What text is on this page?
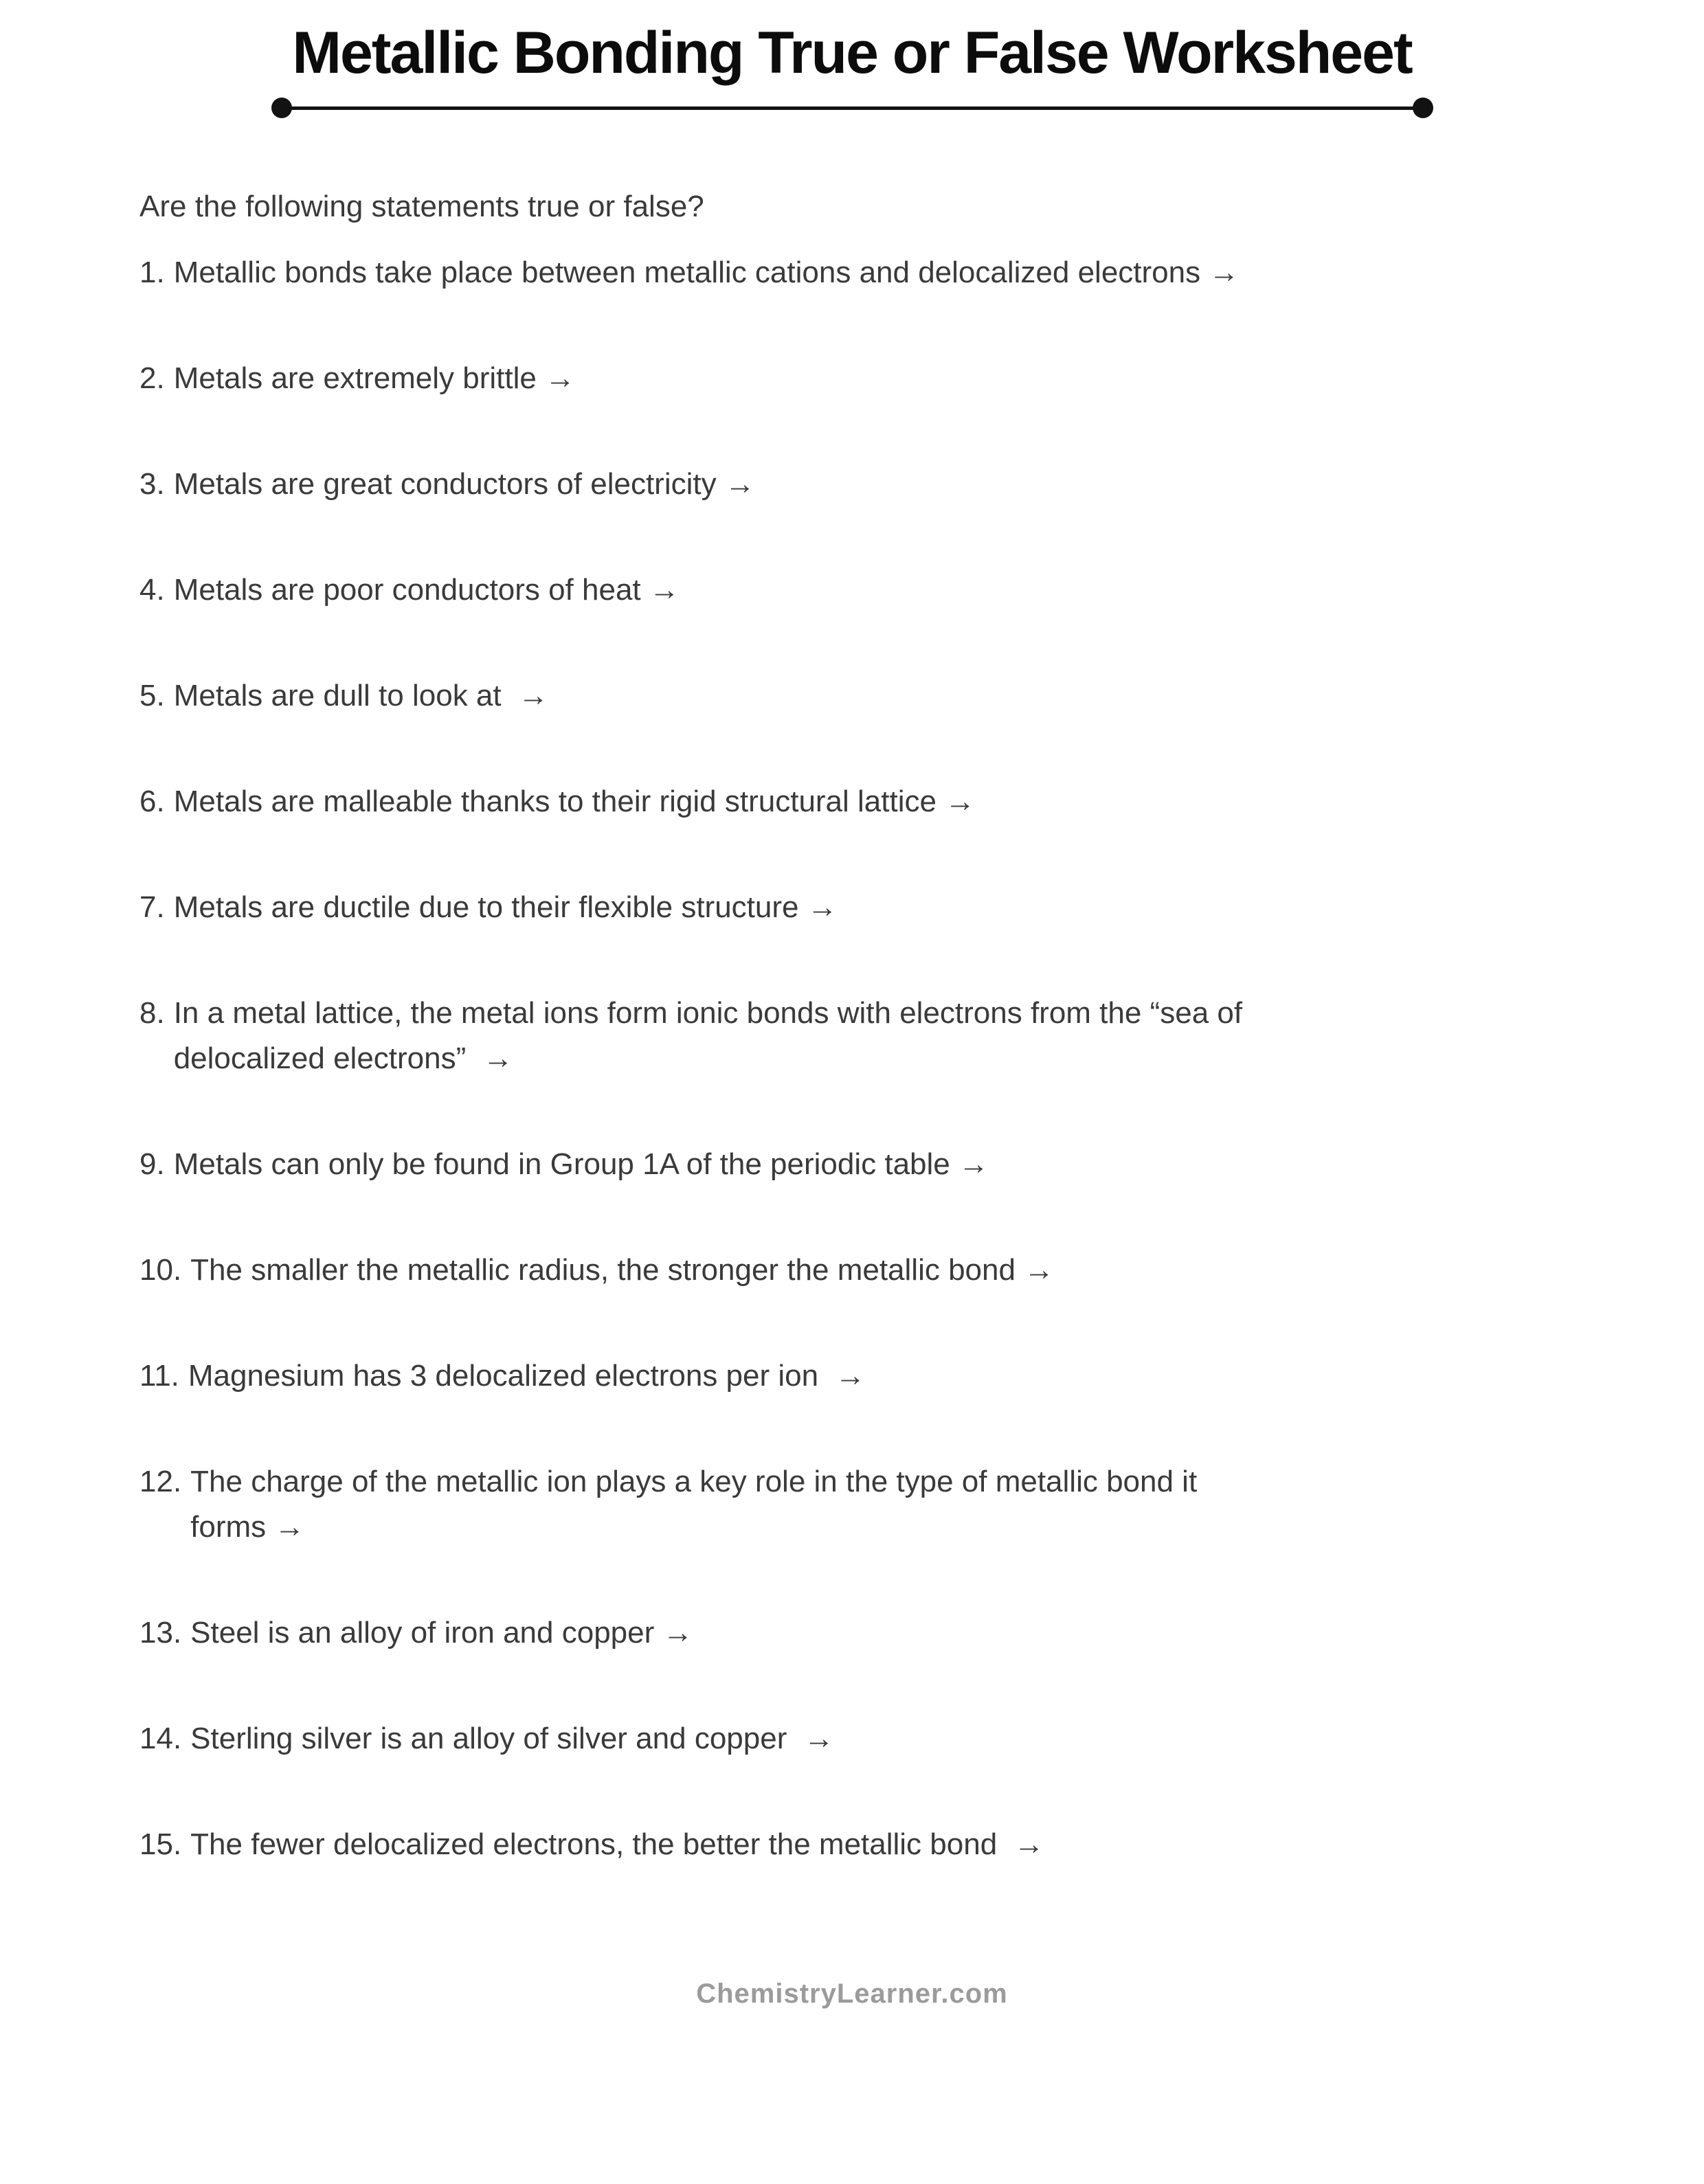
Metallic Bonding True or False Worksheet

Are the following statements true or false?

1. Metallic bonds take place between metallic cations and delocalized electrons →
2. Metals are extremely brittle →
3. Metals are great conductors of electricity →
4. Metals are poor conductors of heat →
5. Metals are dull to look at  →
6. Metals are malleable thanks to their rigid structural lattice →
7. Metals are ductile due to their flexible structure →
8. In a metal lattice, the metal ions form ionic bonds with electrons from the “sea of
delocalized electrons”  →
9. Metals can only be found in Group 1A of the periodic table →
10. The smaller the metallic radius, the stronger the metallic bond →
11. Magnesium has 3 delocalized electrons per ion  →
12. The charge of the metallic ion plays a key role in the type of metallic bond it
forms →
13. Steel is an alloy of iron and copper →
14. Sterling silver is an alloy of silver and copper  →
15. The fewer delocalized electrons, the better the metallic bond  →
ChemistryLearner.com
